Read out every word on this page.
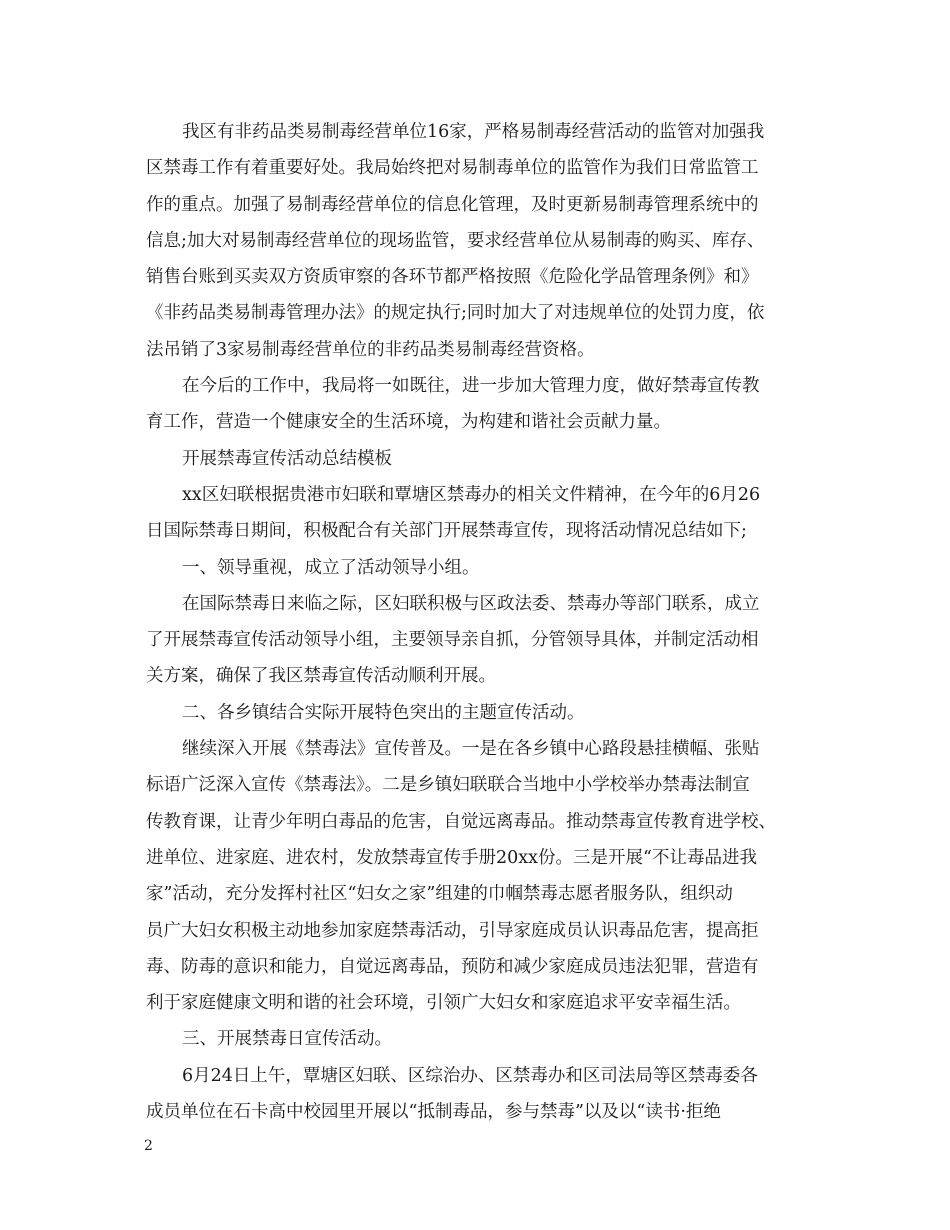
我区有非药品类易制毒经营单位16家，严格易制毒经营活动的监管对加强我
区禁毒工作有着重要好处。我局始终把对易制毒单位的监管作为我们日常监管工
作的重点。加强了易制毒经营单位的信息化管理，及时更新易制毒管理系统中的
信息;加大对易制毒经营单位的现场监管，要求经营单位从易制毒的购买、库存、
销售台账到买卖双方资质审察的各环节都严格按照《危险化学品管理条例》和》
《非药品类易制毒管理办法》的规定执行;同时加大了对违规单位的处罚力度，依
法吊销了3家易制毒经营单位的非药品类易制毒经营资格。

在今后的工作中，我局将一如既往，进一步加大管理力度，做好禁毒宣传教
育工作，营造一个健康安全的生活环境，为构建和谐社会贡献力量。

开展禁毒宣传活动总结模板

xx区妇联根据贵港市妇联和覃塘区禁毒办的相关文件精神，在今年的6月26
日国际禁毒日期间，积极配合有关部门开展禁毒宣传，现将活动情况总结如下;

一、领导重视，成立了活动领导小组。

在国际禁毒日来临之际，区妇联积极与区政法委、禁毒办等部门联系，成立
了开展禁毒宣传活动领导小组，主要领导亲自抓，分管领导具体，并制定活动相
关方案，确保了我区禁毒宣传活动顺利开展。

二、各乡镇结合实际开展特色突出的主题宣传活动。

继续深入开展《禁毒法》宣传普及。一是在各乡镇中心路段悬挂横幅、张贴
标语广泛深入宣传《禁毒法》。二是乡镇妇联联合当地中小学校举办禁毒法制宣
传教育课，让青少年明白毒品的危害，自觉远离毒品。推动禁毒宣传教育进学校、
进单位、进家庭、进农村，发放禁毒宣传手册20xx份。三是开展“不让毒品进我
家”活动，充分发挥村社区“妇女之家”组建的巾帼禁毒志愿者服务队，组织动
员广大妇女积极主动地参加家庭禁毒活动，引导家庭成员认识毒品危害，提高拒
毒、防毒的意识和能力，自觉远离毒品，预防和减少家庭成员违法犯罪，营造有
利于家庭健康文明和谐的社会环境，引领广大妇女和家庭追求平安幸福生活。

三、开展禁毒日宣传活动。

6月24日上午，覃塘区妇联、区综治办、区禁毒办和区司法局等区禁毒委各
成员单位在石卡高中校园里开展以“抵制毒品，参与禁毒”以及以“读书·拒绝

2
